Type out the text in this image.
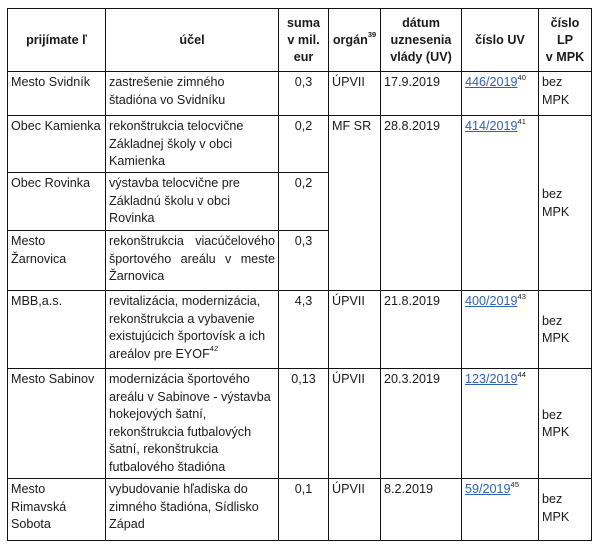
prijímate ľ	účel	suma
v mil.
eur	orgán$^{39}$	dátum
uznesenia
vlády (UV)	číslo UV	číslo LP
v MPK
Mesto Svidník	zastrešenie zimného štadióna vo Svidníku	0,3	ÚPVII	17.9.2019	446/2019$^{40}$	bez MPK
Obec Kamienka	rekonštrukcia telocvične Základnej školy v obci Kamienka	0,2	MF SR	28.8.2019	414/2019$^{41}$	bez MPK
Obec Rovinka	výstavba telocvične pre Základnú školu v obci Rovinka	0,2				
Mesto Žarnovica	rekonštrukcia viacúčelového športového areálu v meste Žarnovica	0,3				
MBB,a.s.	revitalizácia, modernizácia, rekonštrukcia a vybavenie existujúcich športovísk a ich areálov pre EYOF$^{42}$	4,3	ÚPVII	21.8.2019	400/2019$^{43}$	bez MPK
Mesto Sabinov	modernizácia športového areálu v Sabinove - výstavba hokejových šatní, rekonštrukcia futbalových šatní, rekonštrukcia futbalového štadióna	0,13	ÚPVII	20.3.2019	123/2019$^{44}$	bez MPK
Mesto Rimavská Sobota	vybudovanie hľadiska do zimného štadióna, Sídlisko Západ	0,1	ÚPVII	8.2.2019	59/2019$^{45}$	bez MPK
